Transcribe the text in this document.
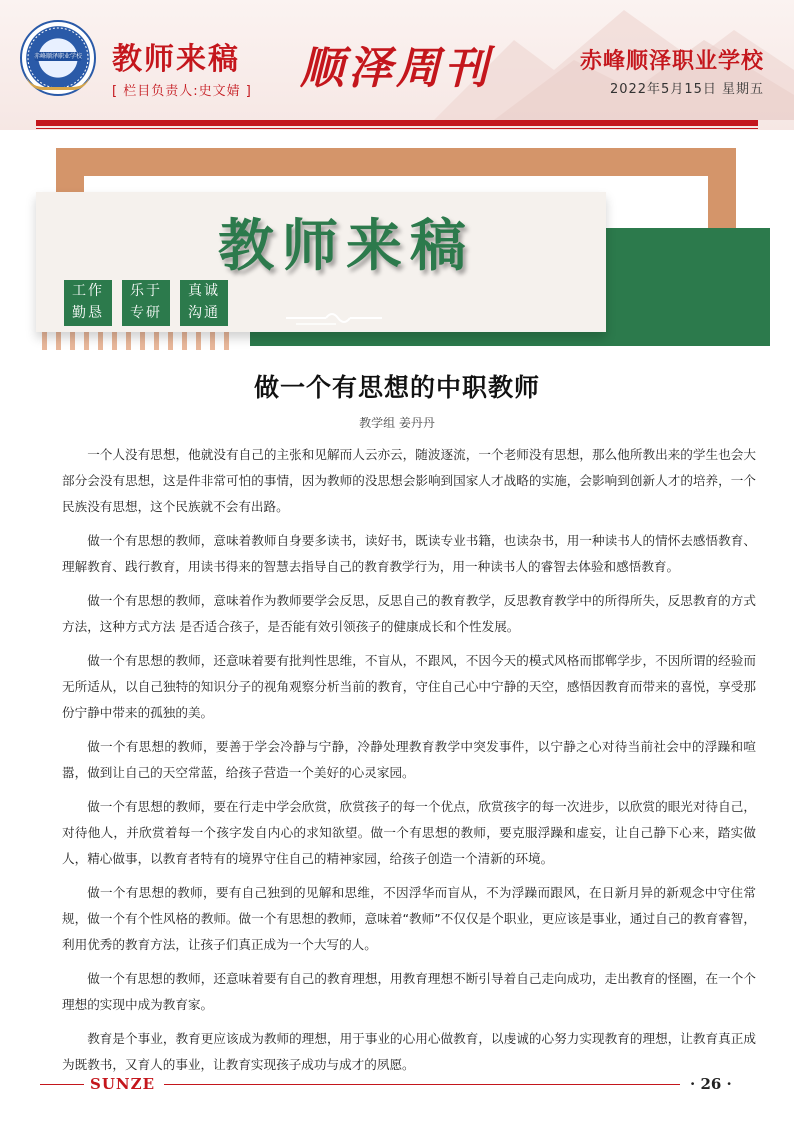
赤峰顺泽职业学校 教师来稿
[ 栏目负责人:史文婧 ] 顺泽周刊	赤峰顺泽职业学校
2022年5月15日 星期五
教师来稿
工作
勤恳
乐于
专研
真诚
沟通
做一个有思想的中职教师
教学组 姜丹丹

一个人没有思想，他就没有自己的主张和见解而人云亦云，随波逐流，一个老师没有思想，那么他所教出来的学生也会大部分会没有思想，这是件非常可怕的事情，因为教师的没思想会影响到国家人才战略的实施，会影响到创新人才的培养，一个民族没有思想，这个民族就不会有出路。

做一个有思想的教师，意味着教师自身要多读书，读好书，既读专业书籍，也读杂书，用一种读书人的情怀去感悟教育、理解教育、践行教育，用读书得来的智慧去指导自己的教育教学行为，用一种读书人的睿智去体验和感悟教育。

做一个有思想的教师，意味着作为教师要学会反思，反思自己的教育教学，反思教育教学中的所得所失，反思教育的方式方法，这种方式方法 是否适合孩子，是否能有效引领孩子的健康成长和个性发展。

做一个有思想的教师，还意味着要有批判性思维，不盲从，不跟风，不因今天的模式风格而邯郸学步，不因所谓的经验而无所适从，以自己独特的知识分子的视角观察分析当前的教育，守住自己心中宁静的天空，感悟因教育而带来的喜悦，享受那份宁静中带来的孤独的美。

做一个有思想的教师，要善于学会冷静与宁静，冷静处理教育教学中突发事件，以宁静之心对待当前社会中的浮躁和喧嚣，做到让自己的天空常蓝，给孩子营造一个美好的心灵家园。

做一个有思想的教师，要在行走中学会欣赏，欣赏孩子的每一个优点，欣赏孩字的每一次进步，以欣赏的眼光对待自己，对待他人，并欣赏着每一个孩字发自内心的求知欲望。做一个有思想的教师，要克服浮躁和虚妄，让自己静下心来，踏实做人，精心做事，以教育者特有的境界守住自己的精神家园，给孩子创造一个清新的环境。

做一个有思想的教师，要有自己独到的见解和思维，不因浮华而盲从，不为浮躁而跟风，在日新月异的新观念中守住常规，做一个有个性风格的教师。做一个有思想的教师，意味着“教师”不仅仅是个职业，更应该是事业，通过自己的教育睿智，利用优秀的教育方法，让孩子们真正成为一个大写的人。

做一个有思想的教师，还意味着要有自己的教育理想，用教育理想不断引导着自己走向成功，走出教育的怪圈，在一个个理想的实现中成为教育家。

教育是个事业，教育更应该成为教师的理想，用于事业的心用心做教育，以虔诚的心努力实现教育的理想，让教育真正成为既教书，又育人的事业，让教育实现孩子成功与成才的夙愿。

SUNZE	· 26 ·
